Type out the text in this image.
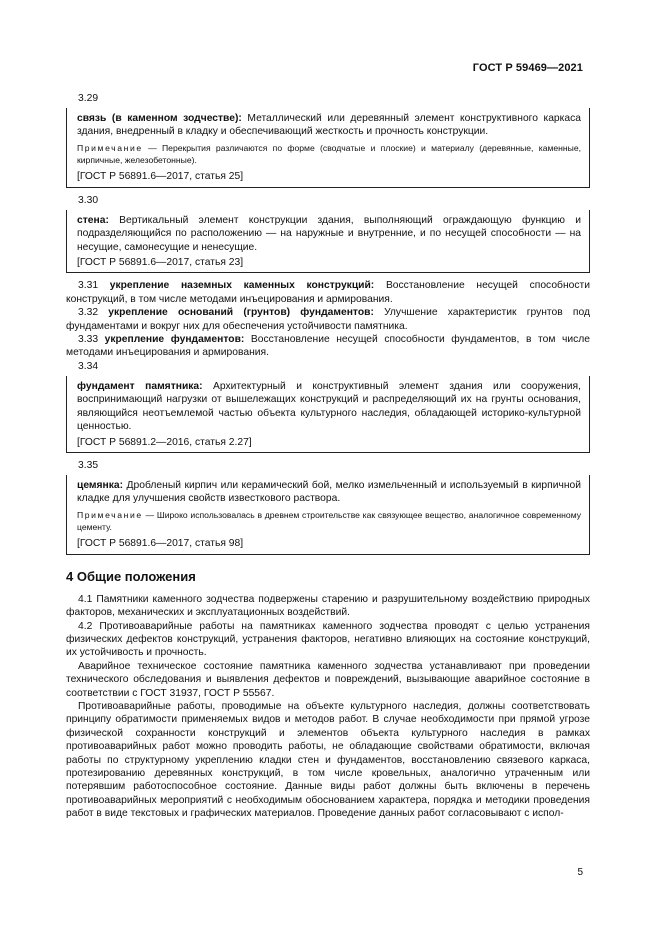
ГОСТ Р 59469—2021
3.29

связь (в каменном зодчестве): Металлический или деревянный элемент конструктивного каркаса здания, внедренный в кладку и обеспечивающий жесткость и прочность конструкции.

Примечание — Перекрытия различаются по форме (сводчатые и плоские) и материалу (деревянные, каменные, кирпичные, железобетонные).

[ГОСТ Р 56891.6—2017, статья 25]

3.30

стена: Вертикальный элемент конструкции здания, выполняющий ограждающую функцию и подразделяющийся по расположению — на наружные и внутренние, и по несущей способности — на несущие, самонесущие и ненесущие.

[ГОСТ Р 56891.6—2017, статья 23]

3.31 укрепление наземных каменных конструкций: Восстановление несущей способности конструкций, в том числе методами инъецирования и армирования.

3.32 укрепление оснований (грунтов) фундаментов: Улучшение характеристик грунтов под фундаментами и вокруг них для обеспечения устойчивости памятника.

3.33 укрепление фундаментов: Восстановление несущей способности фундаментов, в том числе методами инъецирования и армирования.

3.34

фундамент памятника: Архитектурный и конструктивный элемент здания или сооружения, воспринимающий нагрузки от вышележащих конструкций и распределяющий их на грунты основания, являющийся неотъемлемой частью объекта культурного наследия, обладающей историко-культурной ценностью.

[ГОСТ Р 56891.2—2016, статья 2.27]

3.35

цемянка: Дробленый кирпич или керамический бой, мелко измельченный и используемый в кирпичной кладке для улучшения свойств известкового раствора.

Примечание — Широко использовалась в древнем строительстве как связующее вещество, аналогичное современному цементу.

[ГОСТ Р 56891.6—2017, статья 98]

4 Общие положения

4.1 Памятники каменного зодчества подвержены старению и разрушительному воздействию природных факторов, механических и эксплуатационных воздействий.

4.2 Противоаварийные работы на памятниках каменного зодчества проводят с целью устранения физических дефектов конструкций, устранения факторов, негативно влияющих на состояние конструкций, их устойчивость и прочность.

Аварийное техническое состояние памятника каменного зодчества устанавливают при проведении технического обследования и выявления дефектов и повреждений, вызывающие аварийное состояние в соответствии с ГОСТ 31937, ГОСТ Р 55567.

Противоаварийные работы, проводимые на объекте культурного наследия, должны соответствовать принципу обратимости применяемых видов и методов работ. В случае необходимости при прямой угрозе физической сохранности конструкций и элементов объекта культурного наследия в рамках противоаварийных работ можно проводить работы, не обладающие свойствами обратимости, включая работы по структурному укреплению кладки стен и фундаментов, восстановлению связевого каркаса, протезированию деревянных конструкций, в том числе кровельных, аналогично утраченным или потерявшим работоспособное состояние. Данные виды работ должны быть включены в перечень противоаварийных мероприятий с необходимым обоснованием характера, порядка и методики проведения работ в виде текстовых и графических материалов. Проведение данных работ согласовывают с испол-

5
